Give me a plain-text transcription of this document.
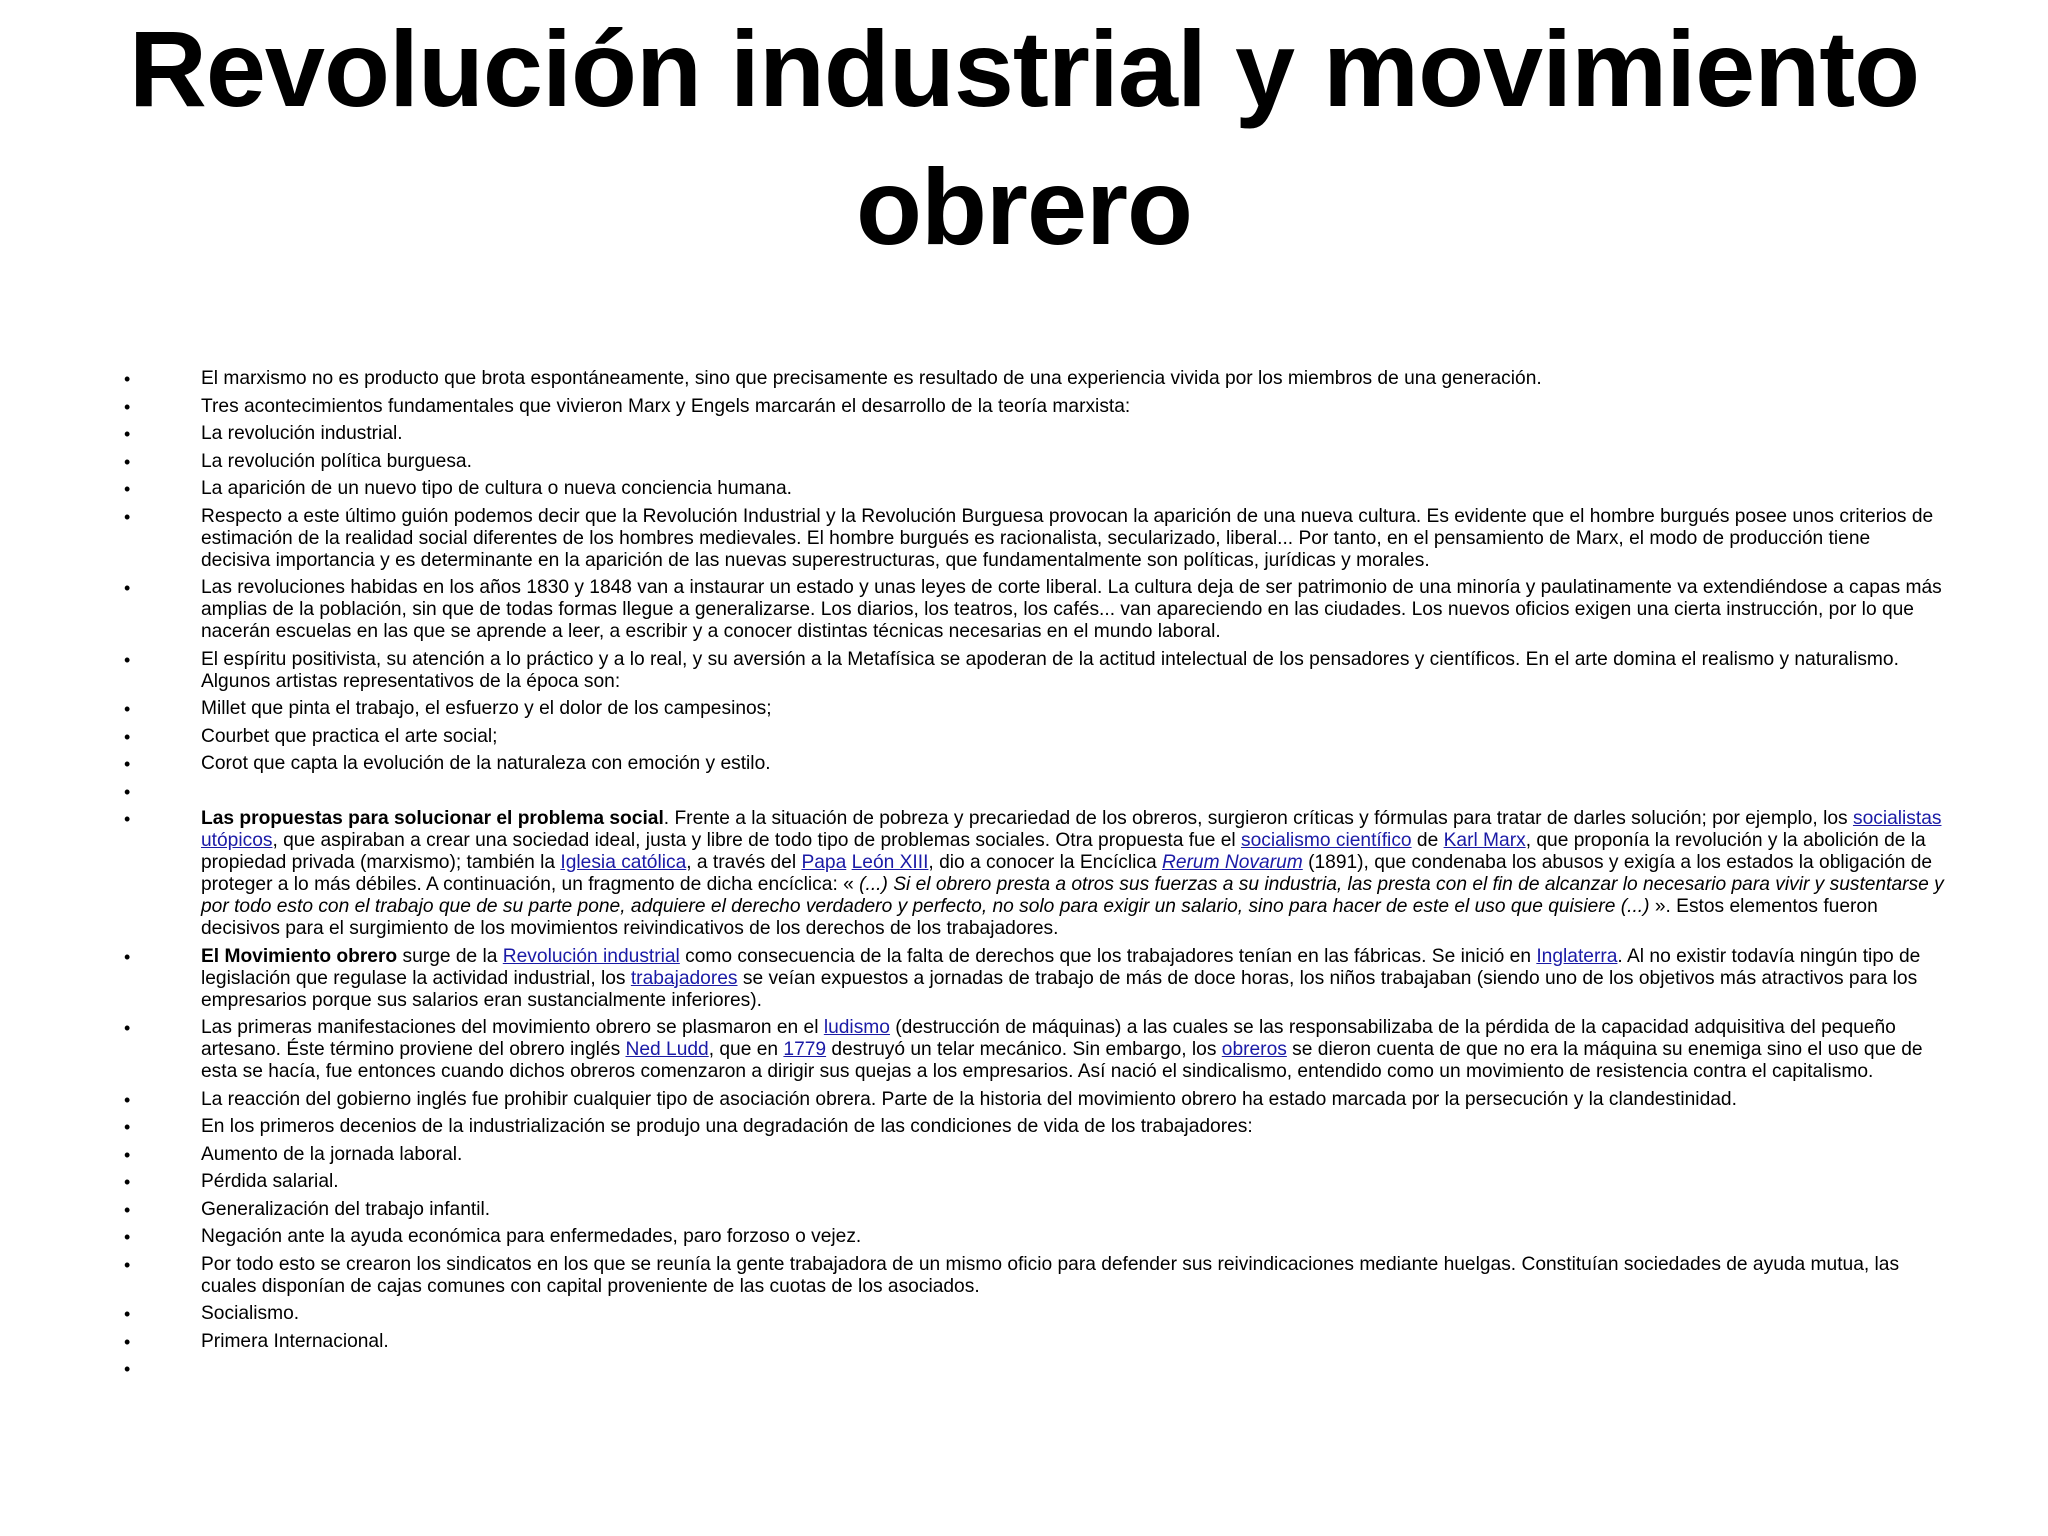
Revolución industrial y movimiento obrero
•	El marxismo no es producto que brota espontáneamente, sino que precisamente es resultado de una experiencia vivida por los miembros de una generación.
•	Tres acontecimientos fundamentales que vivieron Marx y Engels marcarán el desarrollo de la teoría marxista:
•	La revolución industrial.
•	La revolución política burguesa.
•	La aparición de un nuevo tipo de cultura o nueva conciencia humana.
•	Respecto a este último guión podemos decir que la Revolución Industrial y la Revolución Burguesa provocan la aparición de una nueva cultura. Es evidente que el hombre burgués posee unos criterios de estimación de la realidad social diferentes de los hombres medievales. El hombre burgués es racionalista, secularizado, liberal... Por tanto, en el pensamiento de Marx, el modo de producción tiene decisiva importancia y es determinante en la aparición de las nuevas superestructuras, que fundamentalmente son políticas, jurídicas y morales.
•	Las revoluciones habidas en los años 1830 y 1848 van a instaurar un estado y unas leyes de corte liberal. La cultura deja de ser patrimonio de una minoría y paulatinamente va extendiéndose a capas más amplias de la población, sin que de todas formas llegue a generalizarse. Los diarios, los teatros, los cafés... van apareciendo en las ciudades. Los nuevos oficios exigen una cierta instrucción, por lo que nacerán escuelas en las que se aprende a leer, a escribir y a conocer distintas técnicas necesarias en el mundo laboral.
•	El espíritu positivista, su atención a lo práctico y a lo real, y su aversión a la Metafísica se apoderan de la actitud intelectual de los pensadores y científicos. En el arte domina el realismo y naturalismo. Algunos artistas representativos de la época son:
•	Millet que pinta el trabajo, el esfuerzo y el dolor de los campesinos;
•	Courbet que practica el arte social;
•	Corot que capta la evolución de la naturaleza con emoción y estilo.
•
•	Las propuestas para solucionar el problema social. Frente a la situación de pobreza y precariedad de los obreros, surgieron críticas y fórmulas para tratar de darles solución; por ejemplo, los socialistas utópicos, que aspiraban a crear una sociedad ideal, justa y libre de todo tipo de problemas sociales. Otra propuesta fue el socialismo científico de Karl Marx, que proponía la revolución y la abolición de la propiedad privada (marxismo); también la Iglesia católica, a través del Papa León XIII, dio a conocer la Encíclica Rerum Novarum (1891), que condenaba los abusos y exigía a los estados la obligación de proteger a lo más débiles. A continuación, un fragmento de dicha encíclica: « (...) Si el obrero presta a otros sus fuerzas a su industria, las presta con el fin de alcanzar lo necesario para vivir y sustentarse y por todo esto con el trabajo que de su parte pone, adquiere el derecho verdadero y perfecto, no solo para exigir un salario, sino para hacer de este el uso que quisiere (...) ». Estos elementos fueron decisivos para el surgimiento de los movimientos reivindicativos de los derechos de los trabajadores.
•	El Movimiento obrero surge de la Revolución industrial como consecuencia de la falta de derechos que los trabajadores tenían en las fábricas. Se inició en Inglaterra. Al no existir todavía ningún tipo de legislación que regulase la actividad industrial, los trabajadores se veían expuestos a jornadas de trabajo de más de doce horas, los niños trabajaban (siendo uno de los objetivos más atractivos para los empresarios porque sus salarios eran sustancialmente inferiores).
•	Las primeras manifestaciones del movimiento obrero se plasmaron en el ludismo (destrucción de máquinas) a las cuales se las responsabilizaba de la pérdida de la capacidad adquisitiva del pequeño artesano. Éste término proviene del obrero inglés Ned Ludd, que en 1779 destruyó un telar mecánico. Sin embargo, los obreros se dieron cuenta de que no era la máquina su enemiga sino el uso que de esta se hacía, fue entonces cuando dichos obreros comenzaron a dirigir sus quejas a los empresarios. Así nació el sindicalismo, entendido como un movimiento de resistencia contra el capitalismo.
•	La reacción del gobierno inglés fue prohibir cualquier tipo de asociación obrera. Parte de la historia del movimiento obrero ha estado marcada por la persecución y la clandestinidad.
•	En los primeros decenios de la industrialización se produjo una degradación de las condiciones de vida de los trabajadores:
•	Aumento de la jornada laboral.
•	Pérdida salarial.
•	Generalización del trabajo infantil.
•	Negación ante la ayuda económica para enfermedades, paro forzoso o vejez.
•	Por todo esto se crearon los sindicatos en los que se reunía la gente trabajadora de un mismo oficio para defender sus reivindicaciones mediante huelgas. Constituían sociedades de ayuda mutua, las cuales disponían de cajas comunes con capital proveniente de las cuotas de los asociados.
•	Socialismo.
•	Primera Internacional.
•
